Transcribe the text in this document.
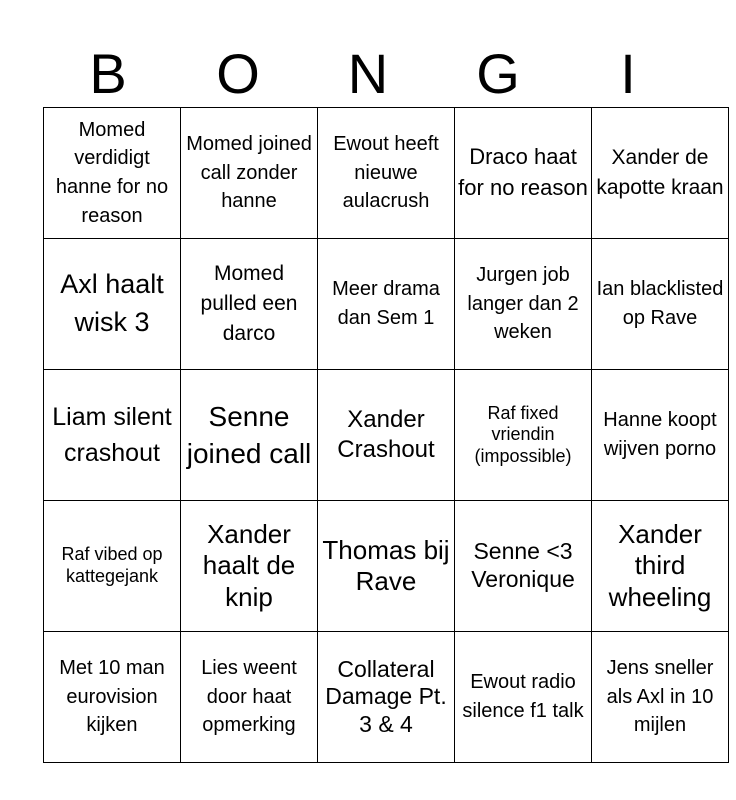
B	O	N	G	I
Momed verdidigt hanne for no reason	Momed joined call zonder hanne	Ewout heeft nieuwe aulacrush	Draco haat for no reason	Xander de kapotte kraan

Axl haalt wisk 3	Momed pulled een darco	Meer drama dan Sem 1	Jurgen job langer dan 2 weken	Ian blacklisted op Rave

Liam silent crashout	Senne joined call	Xander Crashout	Raf fixed vriendin (impossible)	Hanne koopt wijven porno

Raf vibed op kattegejank	Xander haalt de knip	Thomas bij Rave	Senne <3 Veronique	Xander third wheeling

Met 10 man eurovision kijken	Lies weent door haat opmerking	Collateral Damage Pt. 3 & 4	Ewout radio silence f1 talk	Jens sneller als Axl in 10 mijlen
